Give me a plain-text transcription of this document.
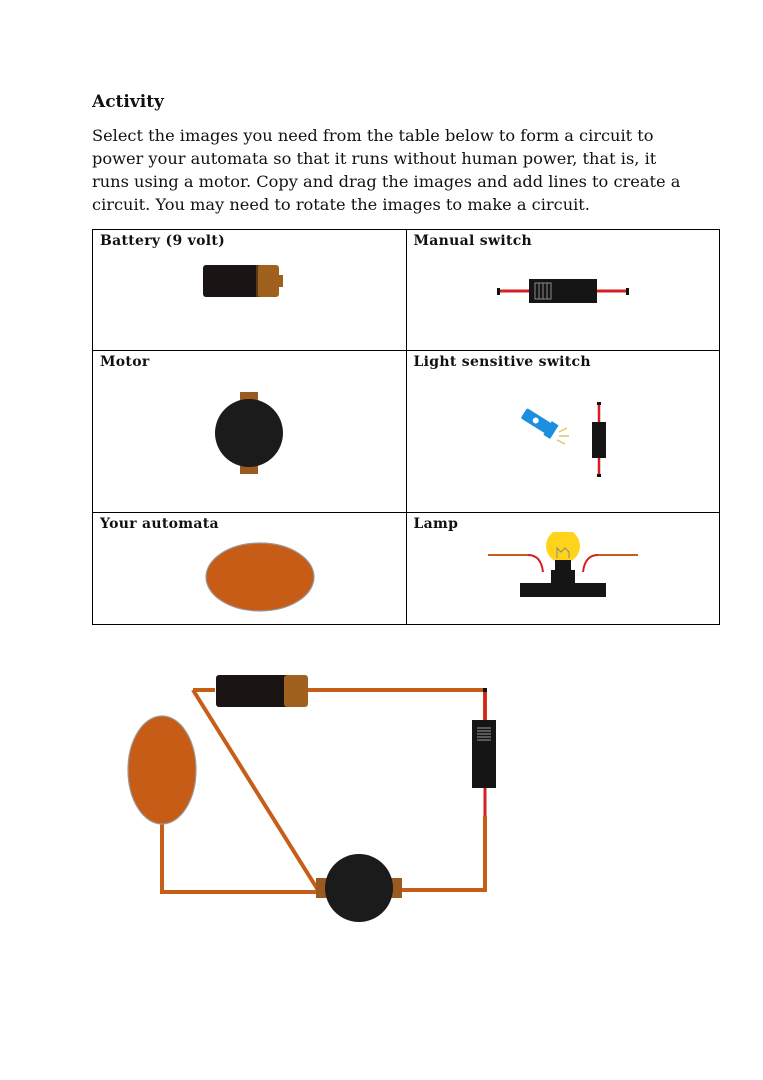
Activity

Select the images you need from the table below to form a circuit to power your automata so that it runs without human power, that is, it runs using a motor. Copy and drag the images and add lines to create a circuit. You may need to rotate the images to make a circuit.

Battery (9 volt)	Manual switch

Motor	Light sensitive switch

Your automata	Lamp
